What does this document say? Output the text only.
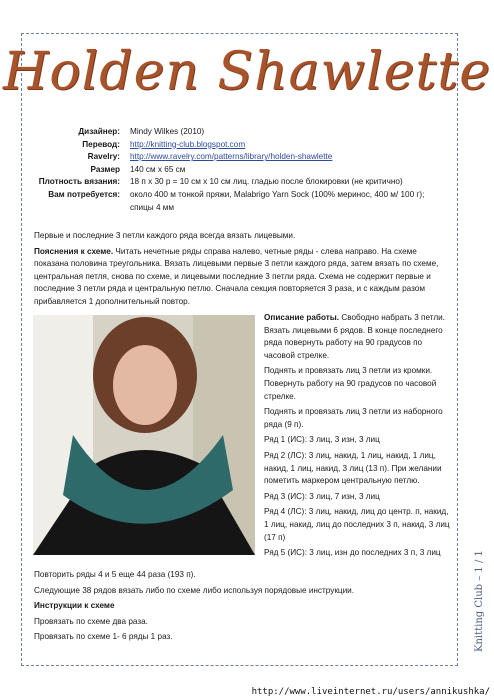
Holden Shawlette
Дизайнер:	Mindy Wilkes (2010)
Перевод:	http://knitting-club.blogspot.com
Ravelry:	http://www.ravelry.com/patterns/library/holden-shawlette
Размер	140 см х 65 см
Плотность вязания:	18 п х 30 р = 10 см х 10 см лиц. гладью после блокировки (не критично)
Вам потребуется:	около 400 м тонкой пряжи, Malabrigo Yarn Sock (100% меринос, 400 м/ 100 г); спицы 4 мм

Первые и последние 3 петли каждого ряда всегда вязать лицевыми.

Пояснения к схеме. Читать нечетные ряды справа налево, четные ряды - слева направо. На схеме показана половина треугольника. Вязать лицевыми первые 3 петли каждого ряда, затем вязать по схеме, центральная петля, снова по схеме, и лицевыми последние 3 петли ряда. Схема не содержит первые и последние 3 петли ряда и центральную петлю. Сначала секция повторяется 3 раза, и с каждым разом прибавляется 1 дополнительный повтор.

Описание работы. Свободно набрать 3 петли. Вязать лицевыми 6 рядов. В конце последнего ряда повернуть работу на 90 градусов по часовой стрелке.

Поднять и провязать лиц 3 петли из кромки. Повернуть работу на 90 градусов по часовой стрелке.

Поднять и провязать лиц 3 петли из наборного ряда (9 п).

Ряд 1 (ИС): 3 лиц, 3 изн, 3 лиц

Ряд 2 (ЛС): 3 лиц, накид, 1 лиц, накид, 1 лиц, накид, 1 лиц, накид, 3 лиц (13 п). При желании пометить маркером центральную петлю.

Ряд 3 (ИС): 3 лиц, 7 изн, 3 лиц

Ряд 4 (ЛС): 3 лиц, накид, лиц до центр. п, накид, 1 лиц, накид, лиц до последних 3 п, накид, 3 лиц (17 п)

Ряд 5 (ИС): 3 лиц, изн до последних 3 п, 3 лиц

Повторить ряды 4 и 5 еще 44 раза (193 п).

Следующие 38 рядов вязать либо по схеме либо используя порядовые инструкции.

Инструкции к схеме

Провязать по схеме два раза.

Провязать по схеме 1- 6 ряды 1 раз.	Knitting Club – 1 / 1
http://www.liveinternet.ru/users/annikushka/
